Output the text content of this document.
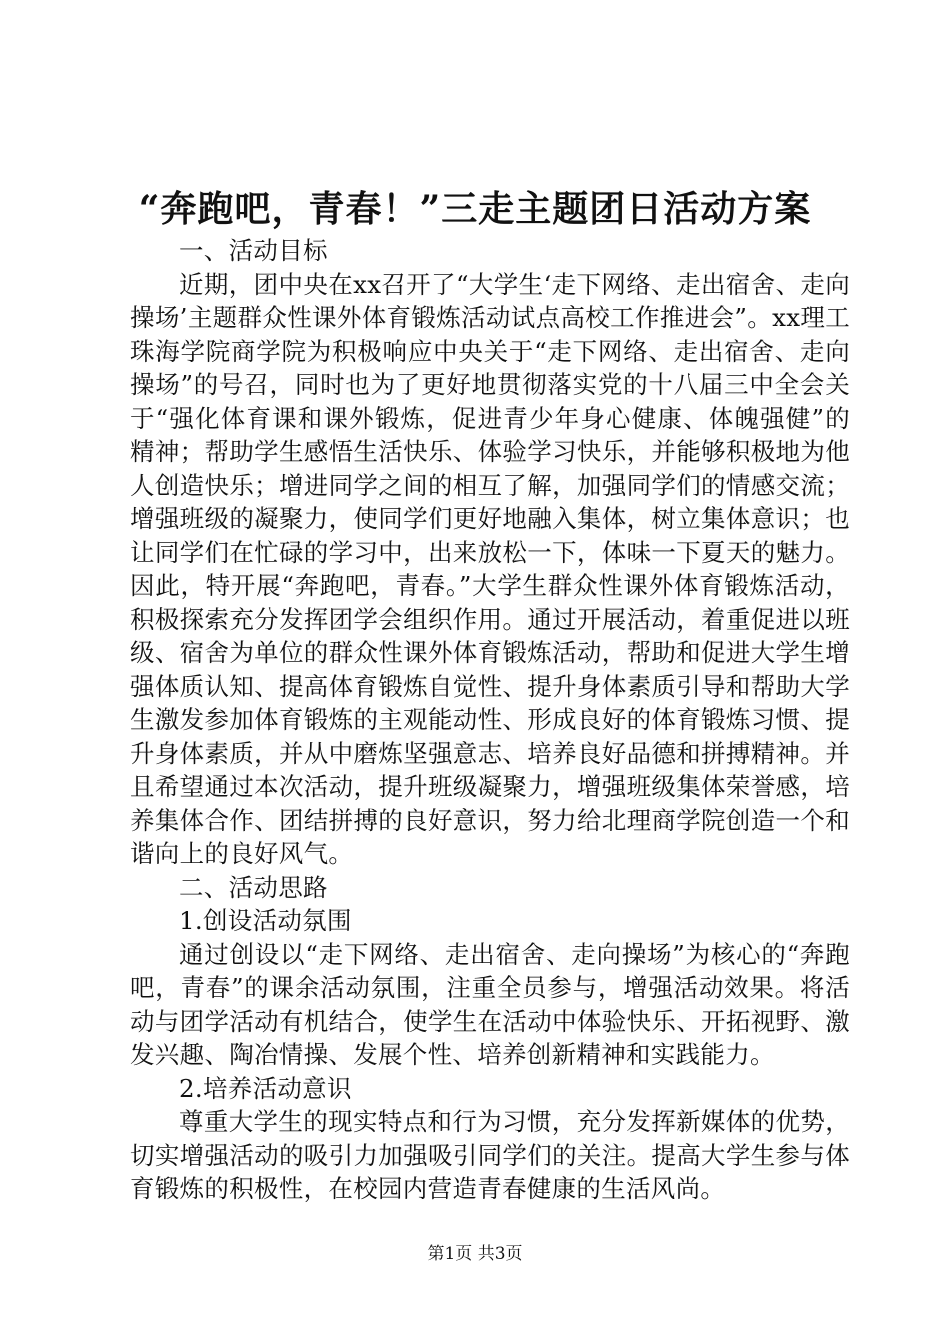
“奔跑吧，青春！”三走主题团日活动方案

一、活动目标

近期，团中央在xx召开了“大学生‘走下网络、走出宿舍、走向操场’主题群众性课外体育锻炼活动试点高校工作推进会”。xx理工珠海学院商学院为积极响应中央关于“走下网络、走出宿舍、走向操场”的号召，同时也为了更好地贯彻落实党的十八届三中全会关于“强化体育课和课外锻炼，促进青少年身心健康、体魄强健”的精神；帮助学生感悟生活快乐、体验学习快乐，并能够积极地为他人创造快乐；增进同学之间的相互了解，加强同学们的情感交流；增强班级的凝聚力，使同学们更好地融入集体，树立集体意识；也让同学们在忙碌的学习中，出来放松一下，体味一下夏天的魅力。因此，特开展“奔跑吧，青春。”大学生群众性课外体育锻炼活动，积极探索充分发挥团学会组织作用。通过开展活动，着重促进以班级、宿舍为单位的群众性课外体育锻炼活动，帮助和促进大学生增强体质认知、提高体育锻炼自觉性、提升身体素质引导和帮助大学生激发参加体育锻炼的主观能动性、形成良好的体育锻炼习惯、提升身体素质，并从中磨炼坚强意志、培养良好品德和拼搏精神。并且希望通过本次活动，提升班级凝聚力，增强班级集体荣誉感，培养集体合作、团结拼搏的良好意识，努力给北理商学院创造一个和谐向上的良好风气。

二、活动思路

1.创设活动氛围

通过创设以“走下网络、走出宿舍、走向操场”为核心的“奔跑吧，青春”的课余活动氛围，注重全员参与，增强活动效果。将活动与团学活动有机结合，使学生在活动中体验快乐、开拓视野、激发兴趣、陶冶情操、发展个性、培养创新精神和实践能力。

2.培养活动意识

尊重大学生的现实特点和行为习惯，充分发挥新媒体的优势，切实增强活动的吸引力加强吸引同学们的关注。提高大学生参与体育锻炼的积极性，在校园内营造青春健康的生活风尚。

第1页 共3页
